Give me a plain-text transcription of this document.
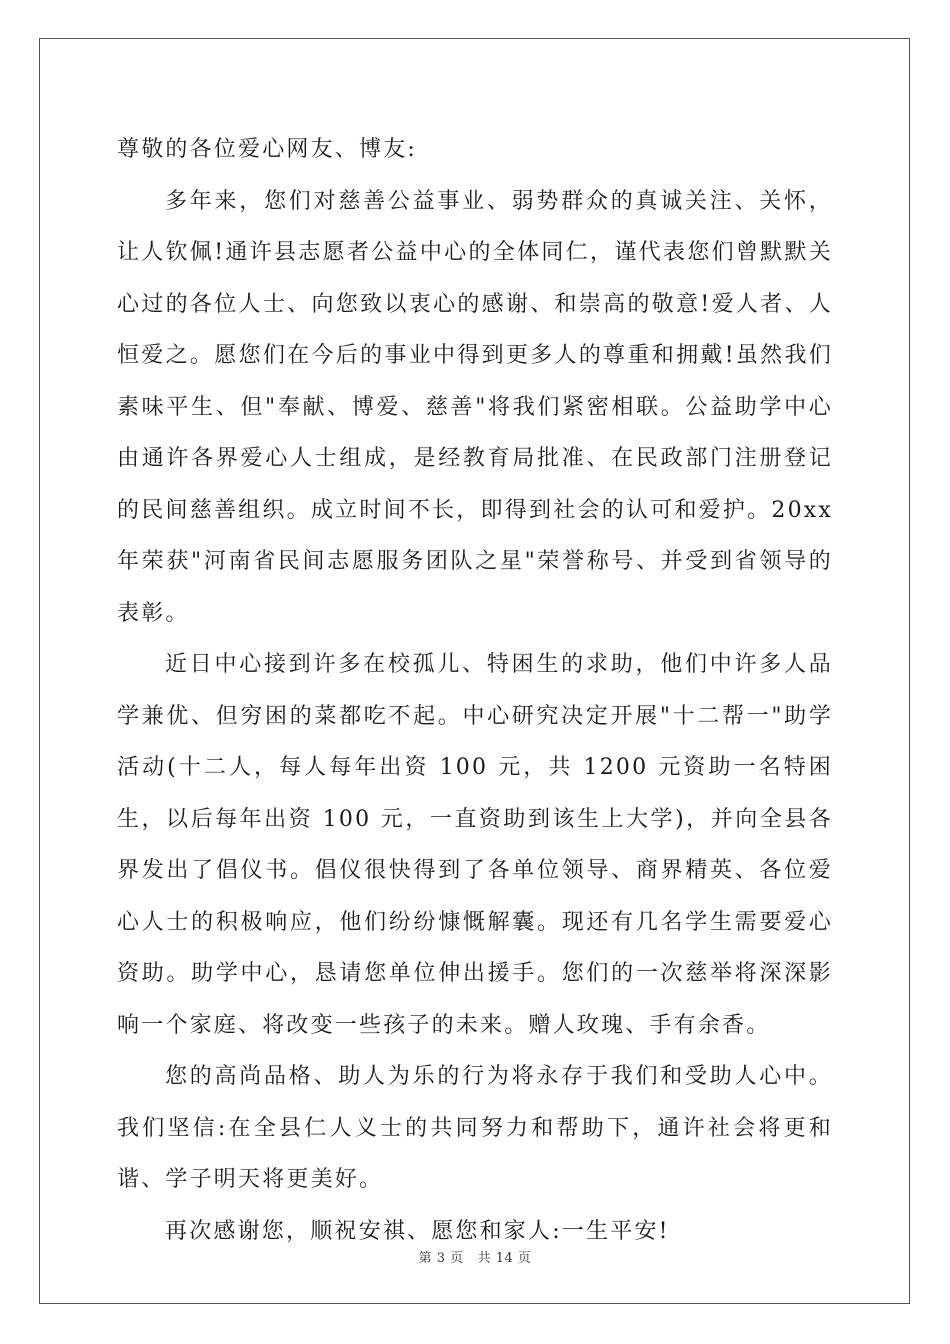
尊敬的各位爱心网友、博友:

多年来，您们对慈善公益事业、弱势群众的真诚关注、关怀，让人钦佩!通许县志愿者公益中心的全体同仁，谨代表您们曾默默关心过的各位人士、向您致以衷心的感谢、和崇高的敬意!爱人者、人恒爱之。愿您们在今后的事业中得到更多人的尊重和拥戴!虽然我们素味平生、但"奉献、博爱、慈善"将我们紧密相联。公益助学中心由通许各界爱心人士组成，是经教育局批准、在民政部门注册登记的民间慈善组织。成立时间不长，即得到社会的认可和爱护。20xx 年荣获"河南省民间志愿服务团队之星"荣誉称号、并受到省领导的表彰。

近日中心接到许多在校孤儿、特困生的求助，他们中许多人品学兼优、但穷困的菜都吃不起。中心研究决定开展"十二帮一"助学活动(十二人，每人每年出资 100 元，共 1200 元资助一名特困生，以后每年出资 100 元，一直资助到该生上大学)，并向全县各界发出了倡仪书。倡仪很快得到了各单位领导、商界精英、各位爱心人士的积极响应，他们纷纷慷慨解囊。现还有几名学生需要爱心资助。助学中心，恳请您单位伸出援手。您们的一次慈举将深深影响一个家庭、将改变一些孩子的未来。赠人玫瑰、手有余香。

您的高尚品格、助人为乐的行为将永存于我们和受助人心中。我们坚信:在全县仁人义士的共同努力和帮助下，通许社会将更和谐、学子明天将更美好。

再次感谢您，顺祝安祺、愿您和家人:一生平安!

第 3 页 共 14 页
